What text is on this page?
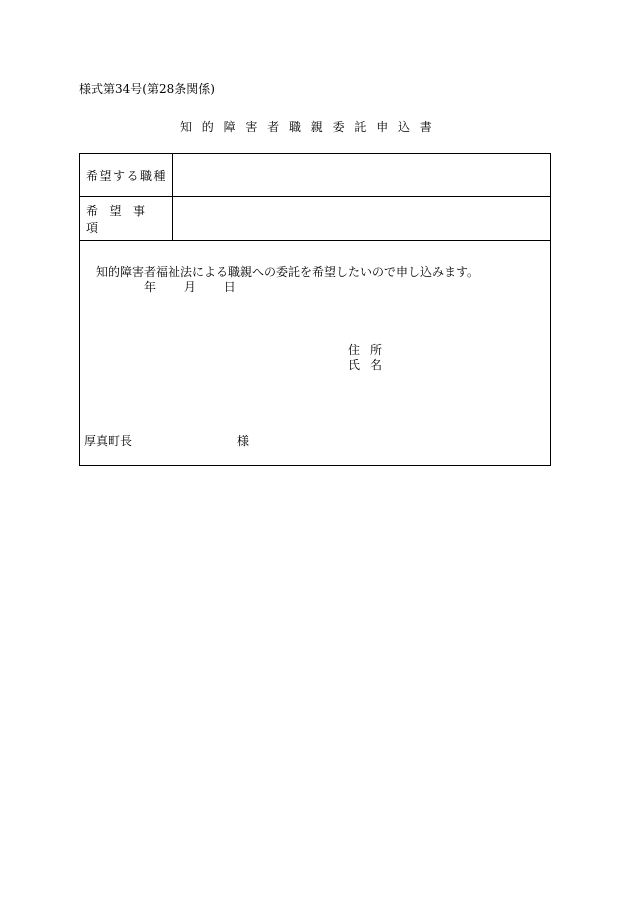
様式第34号(第28条関係)
知的障害者職親委託申込書
希望する職種
希望事項
知的障害者福祉法による職親への委託を希望したいので申し込みます。
年 月 日
住所
氏名
厚真町長	様
